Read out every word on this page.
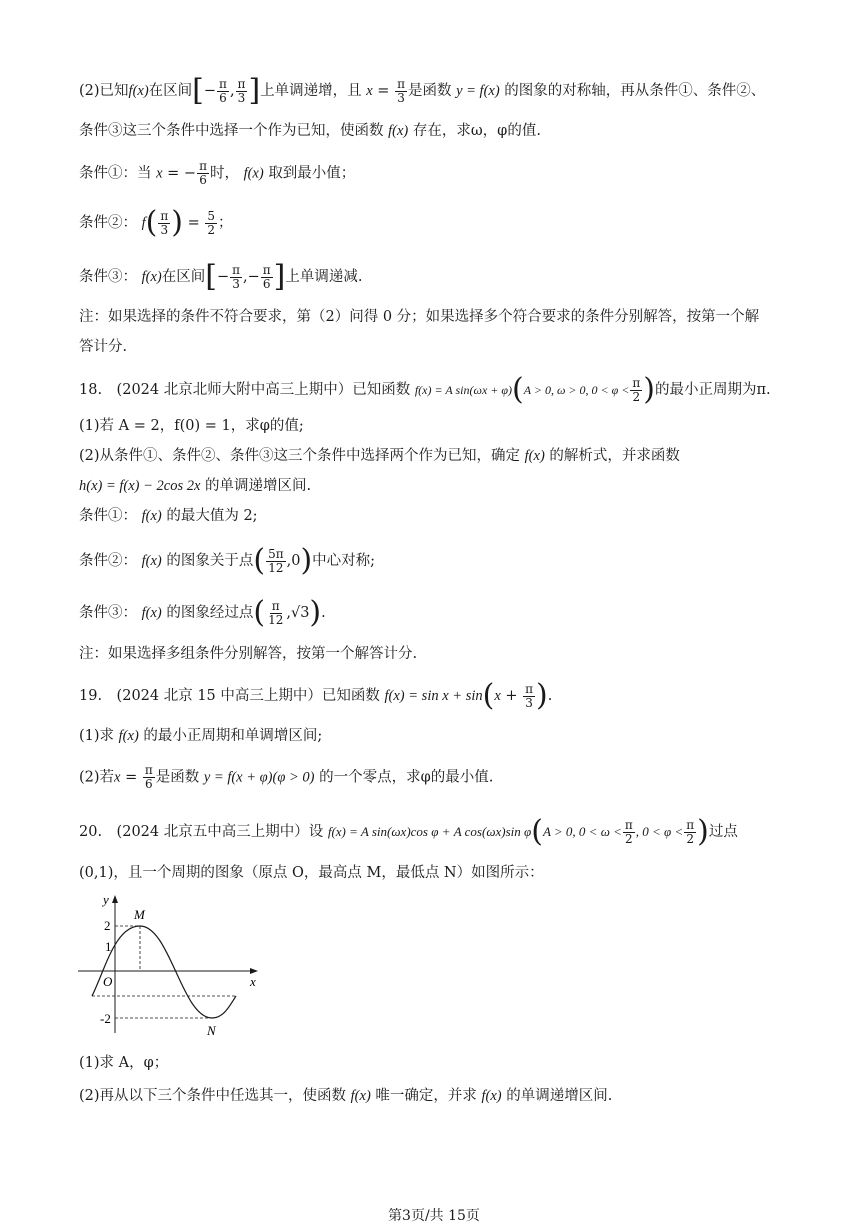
(2)已知f(x)在区间[− $\frac{\pi}{6}$ , $\frac{\pi}{3}$ ]上单调递增，且 $x = \frac{\pi}{3}$ 是函数 y = f(x) 的图象的对称轴，再从条件①、条件②、
条件③这三个条件中选择一个作为已知，使函数 f(x) 存在，求ω，φ的值.
条件①：当 x = − $\frac{\pi}{6}$ 时， f(x) 取到最小值；
条件②： $f( \frac{\pi}{3}$ ) = $\frac{5}{2}$ ；
条件③： f(x)在区间[− $\frac{\pi}{3}$ ,− $\frac{\pi}{6}$ ]上单调递减.
注：如果选择的条件不符合要求，第（2）问得 0 分；如果选择多个符合要求的条件分别解答，按第一个解
答计分.
18.　(2024 北京北师大附中高三上期中）已知函数 f(x) = A sin(ωx + φ)(A > 0, ω > 0, $0 < \varphi < \frac{\pi}{2}$ )的最小正周期为π.
(1)若 A = 2，f(0) = 1，求φ的值;
(2)从条件①、条件②、条件③这三个条件中选择两个作为已知，确定 f(x) 的解析式，并求函数
h(x) = f(x) − 2cos 2x 的单调递增区间.
条件①： f(x) 的最大值为 2;
条件②： f(x) 的图象关于点( $\frac{5\pi}{12} ,0$)中心对称;
条件③： f(x) 的图象经过点( $\frac{\pi}{12} ,√3$).
注：如果选择多组条件分别解答，按第一个解答计分.
19.　(2024 北京 15 中高三上期中）已知函数 $f(x) = \sin x + \sin(x + \frac{\pi}{3}$ ).
(1)求 f(x) 的最小正周期和单调增区间;
(2)若$x = \frac{\pi}{6}$ 是函数 y = f(x + φ)(φ > 0) 的一个零点，求φ的最小值.
20.　(2024 北京五中高三上期中）设 f(x) = A sin(ωx)cos φ + A cos(ωx)sin φ(A > 0, $0 < \omega < \frac{\pi}{2}$ , $0 < \varphi < \frac{\pi}{2}$ )过点
(0,1)，且一个周期的图象（原点 O，最高点 M，最低点 N）如图所示：
y
x
O
M
N
2
1
-2
(1)求 A，φ；
(2)再从以下三个条件中任选其一，使函数 f(x) 唯一确定，并求 f(x) 的单调递增区间.
第3页/共 15页
